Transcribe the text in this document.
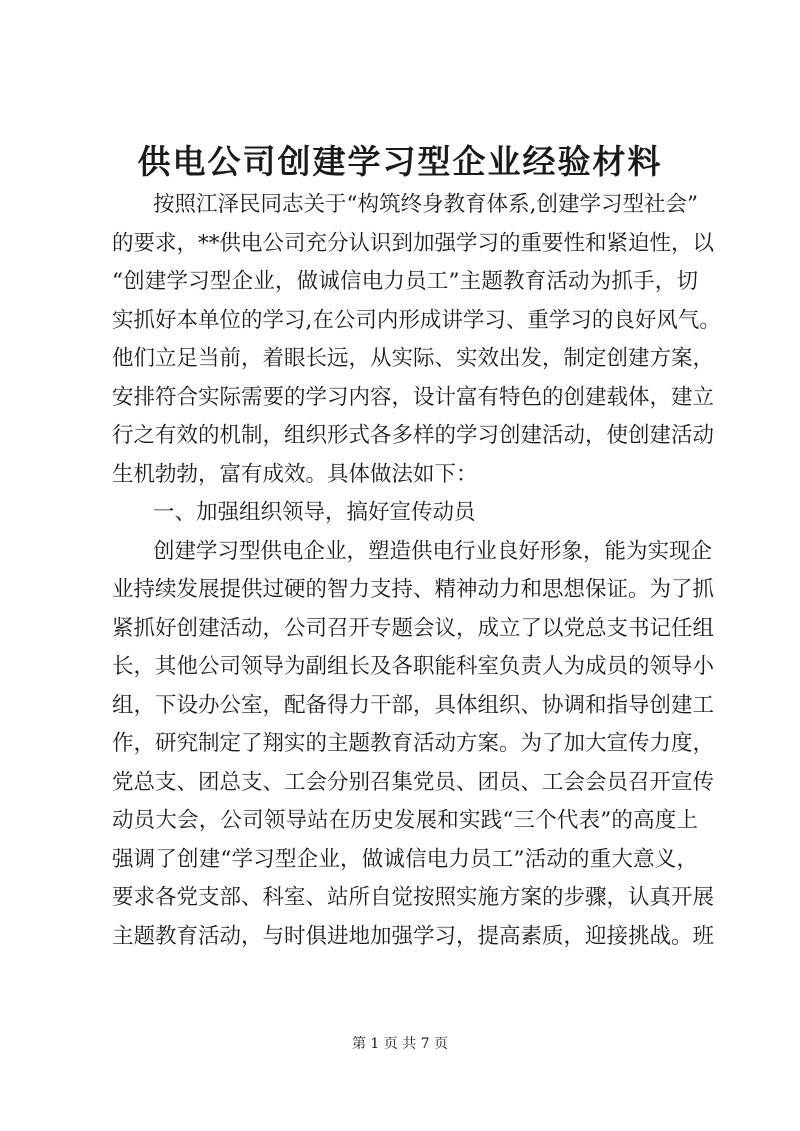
供电公司创建学习型企业经验材料
按照江泽民同志关于“构筑终身教育体系,创建学习型社会”
的要求，**供电公司充分认识到加强学习的重要性和紧迫性，以
“创建学习型企业，做诚信电力员工”主题教育活动为抓手，切
实抓好本单位的学习,在公司内形成讲学习、重学习的良好风气。
他们立足当前，着眼长远，从实际、实效出发，制定创建方案，
安排符合实际需要的学习内容，设计富有特色的创建载体，建立
行之有效的机制，组织形式各多样的学习创建活动，使创建活动
生机勃勃，富有成效。具体做法如下：
一、加强组织领导，搞好宣传动员
创建学习型供电企业，塑造供电行业良好形象，能为实现企
业持续发展提供过硬的智力支持、精神动力和思想保证。为了抓
紧抓好创建活动，公司召开专题会议，成立了以党总支书记任组
长，其他公司领导为副组长及各职能科室负责人为成员的领导小
组，下设办公室，配备得力干部，具体组织、协调和指导创建工
作，研究制定了翔实的主题教育活动方案。为了加大宣传力度，
党总支、团总支、工会分别召集党员、团员、工会会员召开宣传
动员大会，公司领导站在历史发展和实践“三个代表”的高度上
强调了创建“学习型企业，做诚信电力员工”活动的重大意义，
要求各党支部、科室、站所自觉按照实施方案的步骤，认真开展
主题教育活动，与时俱进地加强学习，提高素质，迎接挑战。班
第 1 页 共 7 页
